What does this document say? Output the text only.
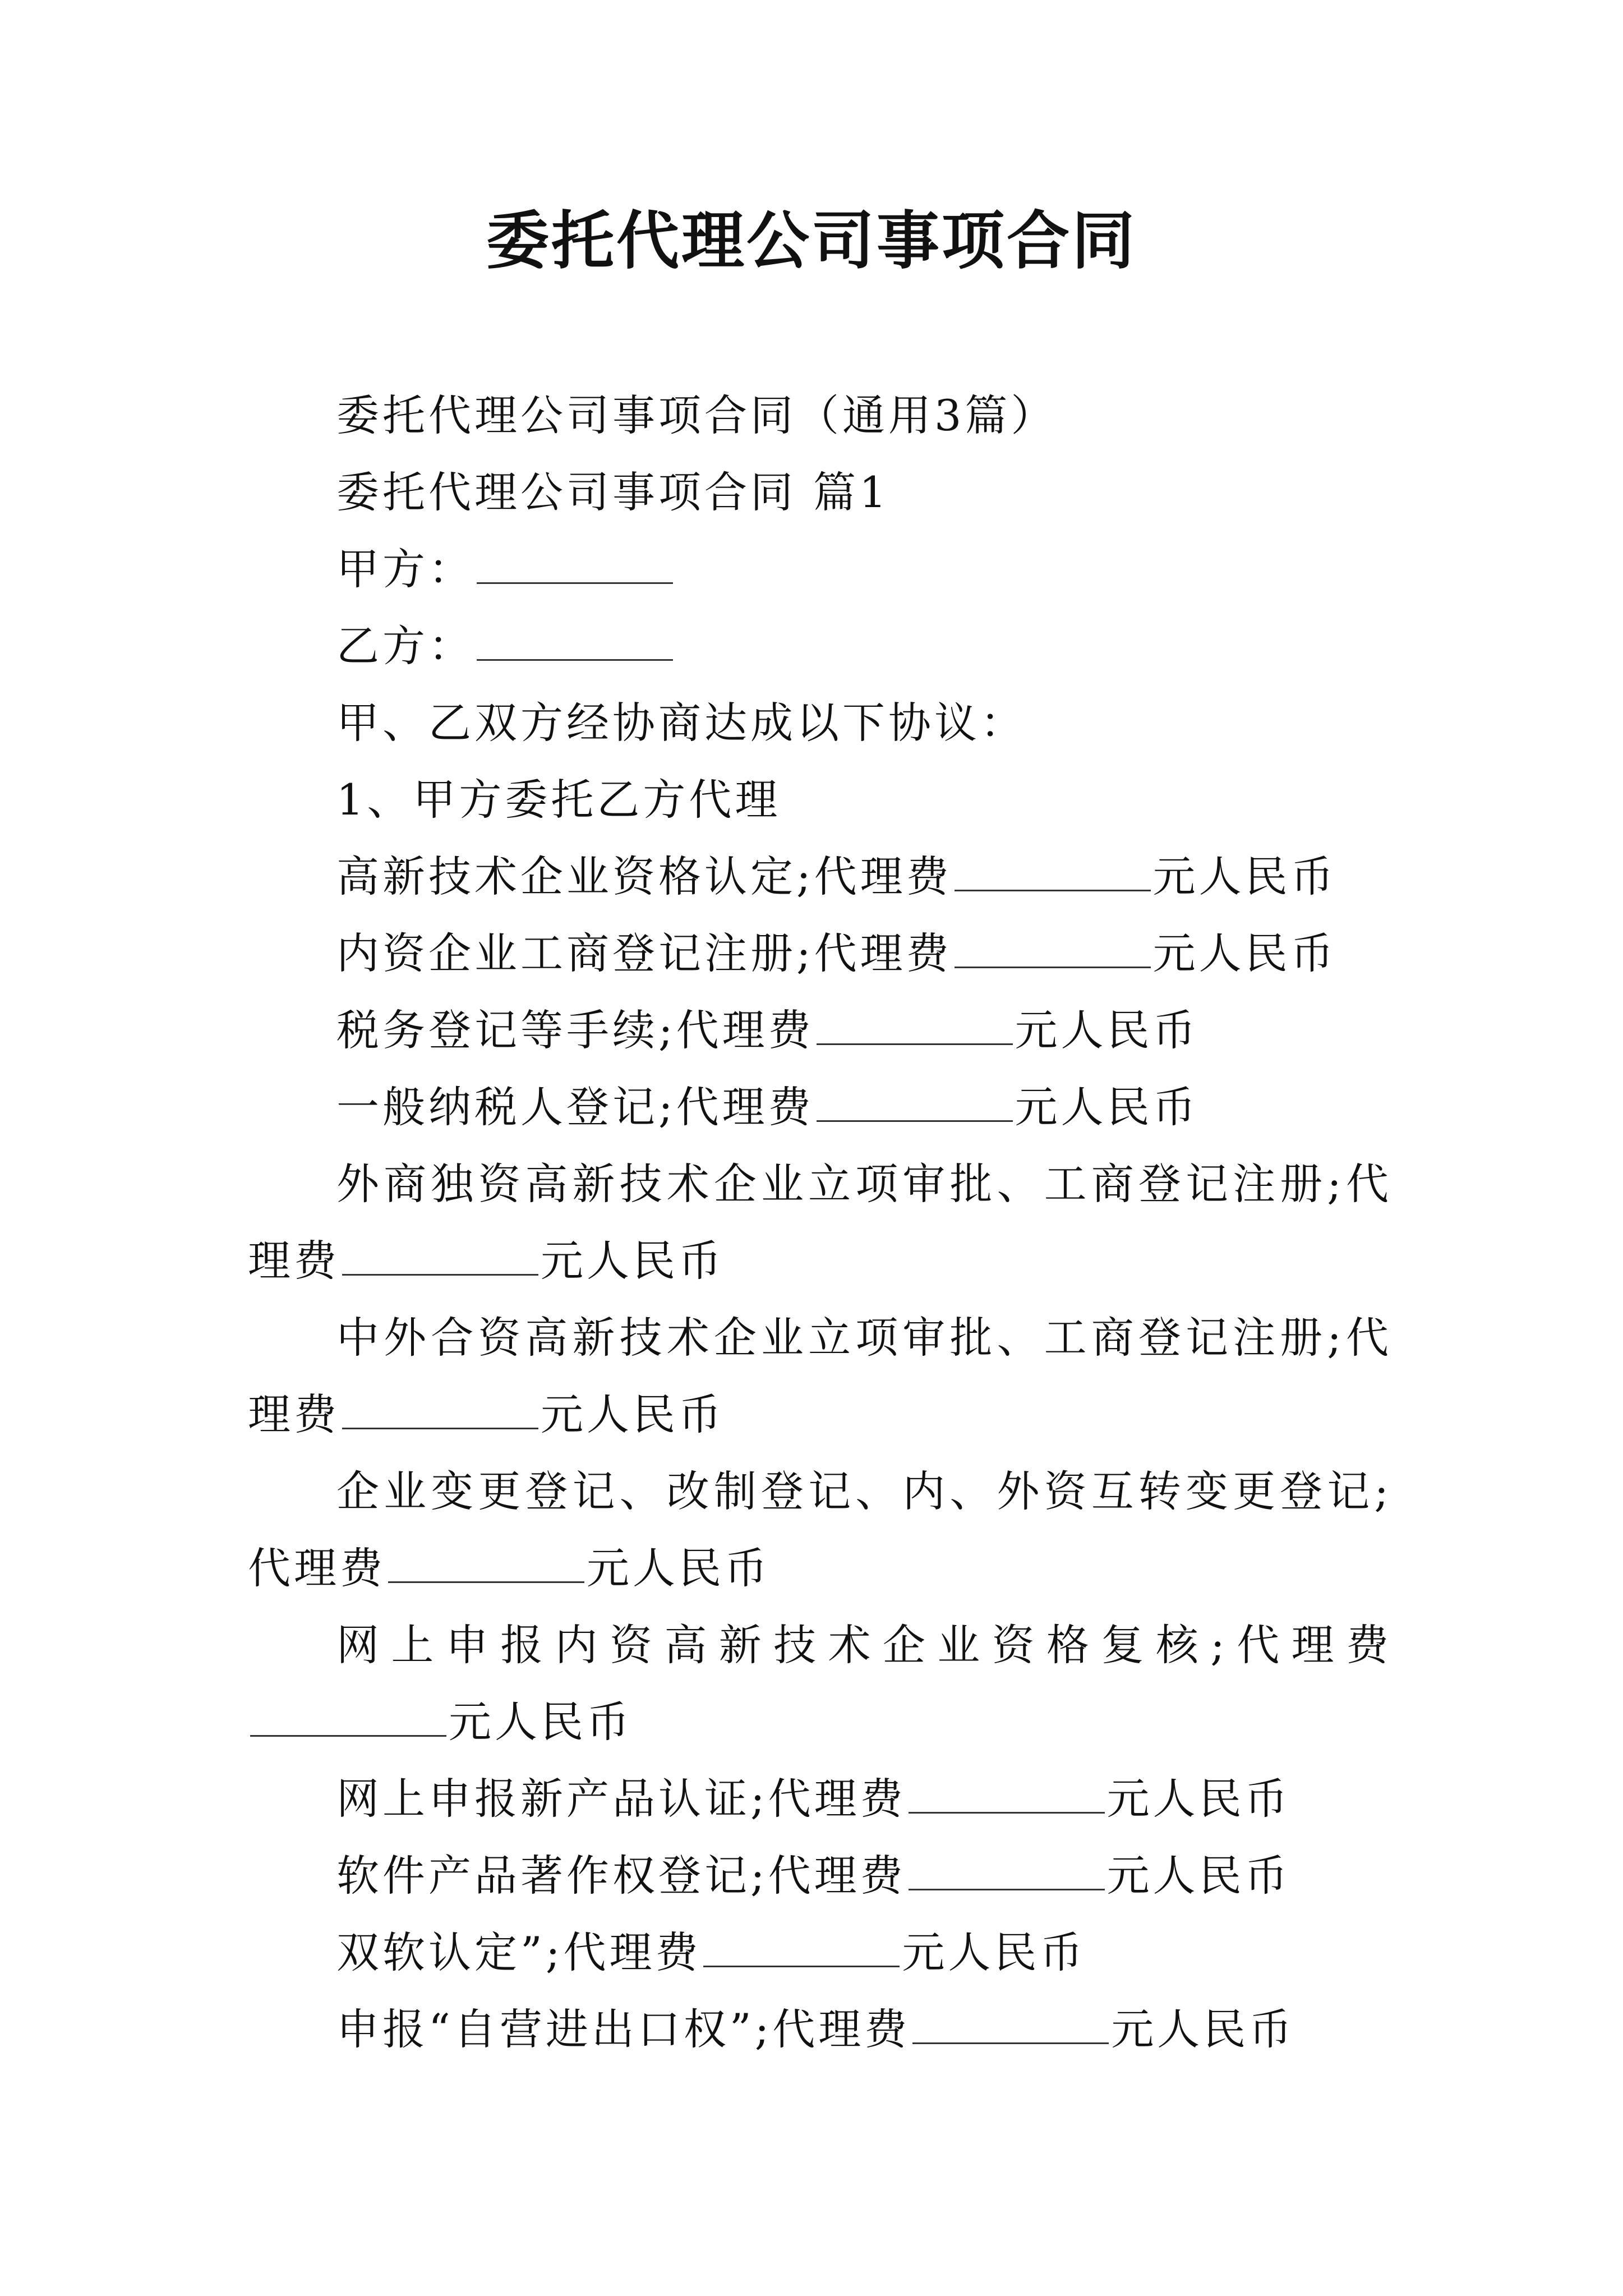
委托代理公司事项合同
委托代理公司事项合同（通用3篇）
委托代理公司事项合同 篇1
甲方：
乙方：
甲、乙双方经协商达成以下协议：
1、甲方委托乙方代理
高新技术企业资格认定;代理费	元人民币
内资企业工商登记注册;代理费	元人民币
税务登记等手续;代理费	元人民币
一般纳税人登记;代理费	元人民币
外商独资高新技术企业立项审批、工商登记注册;代理费	元人民币
中外合资高新技术企业立项审批、工商登记注册;代理费	元人民币
企业变更登记、改制登记、内、外资互转变更登记;代理费	元人民币
网上申报内资高新技术企业资格复核;代理费元人民币
网上申报新产品认证;代理费	元人民币
软件产品著作权登记;代理费	元人民币
双软认定”;代理费	元人民币
申报“自营进出口权”;代理费	元人民币
